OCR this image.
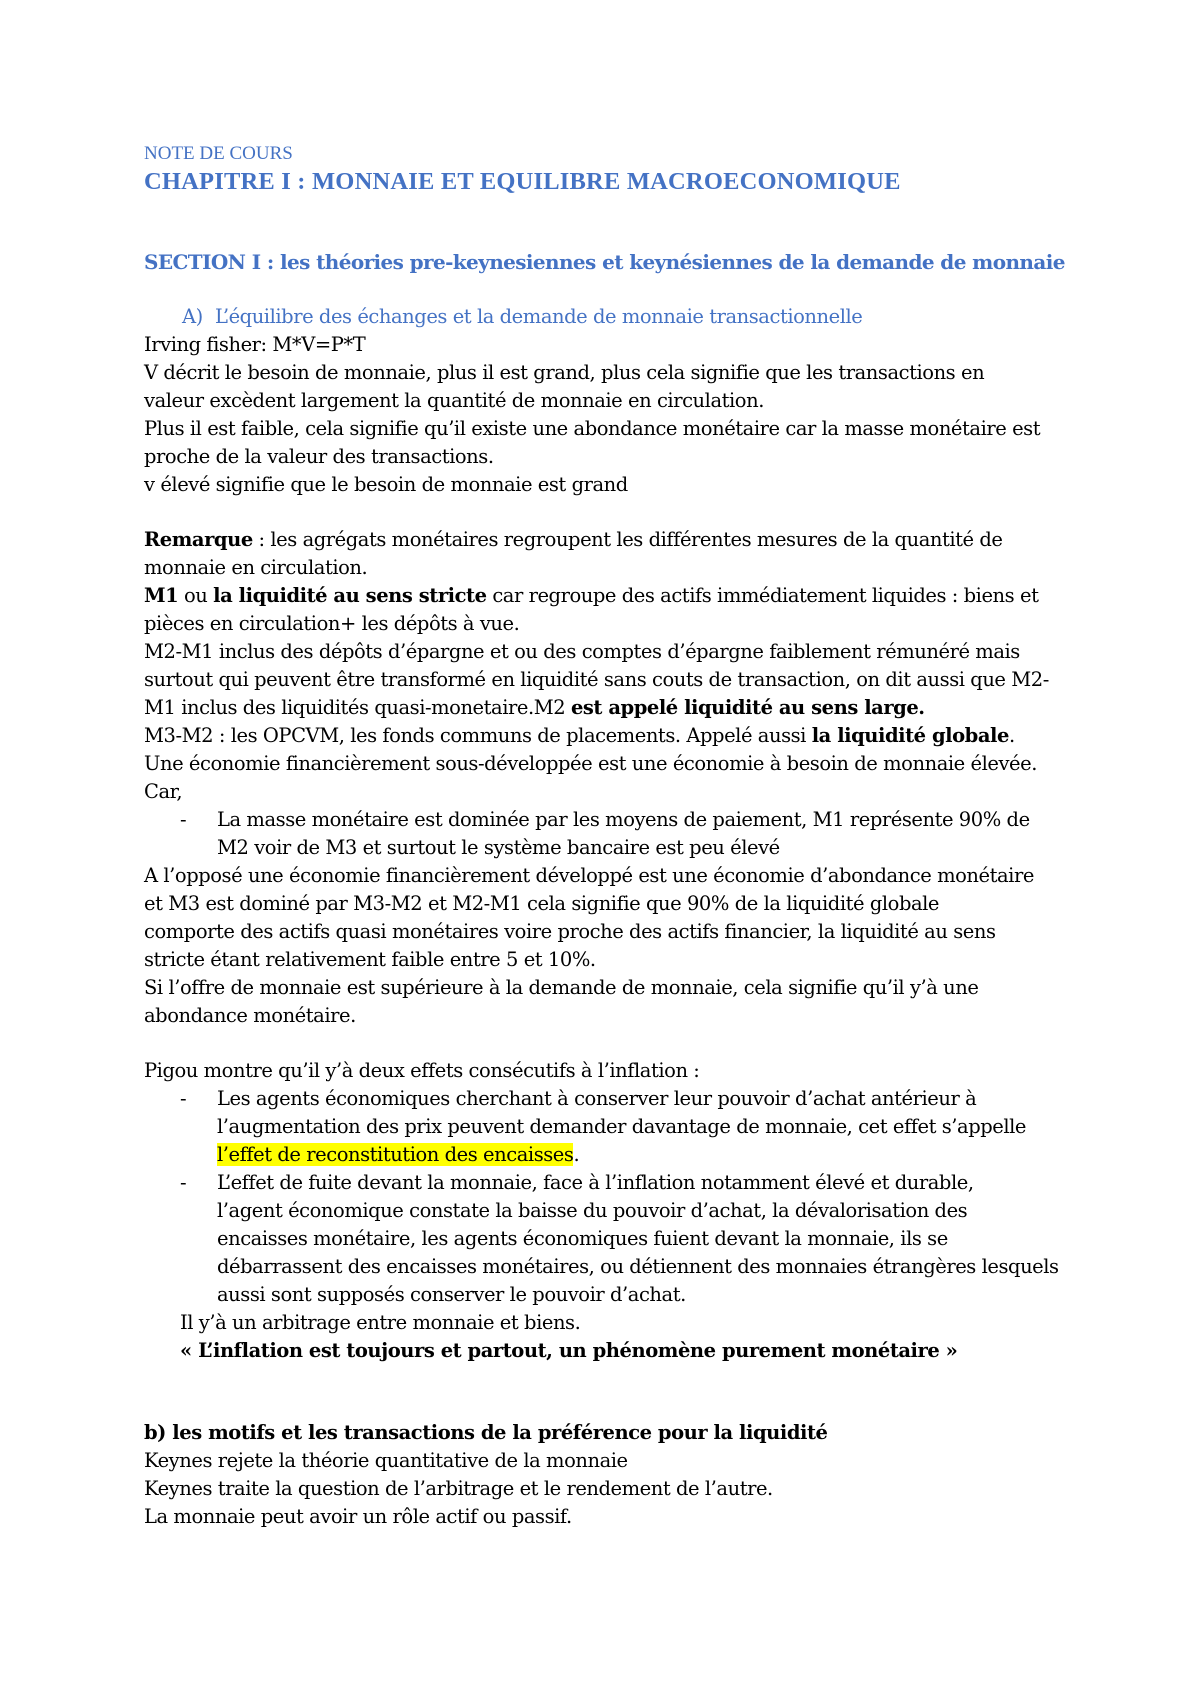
NOTE DE COURS
CHAPITRE I : MONNAIE ET EQUILIBRE MACROECONOMIQUE
SECTION I : les théories pre-keynesiennes et keynésiennes de la demande de monnaie
A) L’équilibre des échanges et la demande de monnaie transactionnelle
Irving fisher: M*V=P*T
V décrit le besoin de monnaie, plus il est grand, plus cela signifie que les transactions en
valeur excèdent largement la quantité de monnaie en circulation.
Plus il est faible, cela signifie qu’il existe une abondance monétaire car la masse monétaire est
proche de la valeur des transactions.
v élevé signifie que le besoin de monnaie est grand
Remarque : les agrégats monétaires regroupent les différentes mesures de la quantité de
monnaie en circulation.
M1 ou la liquidité au sens stricte car regroupe des actifs immédiatement liquides : biens et
pièces en circulation+ les dépôts à vue.
M2-M1 inclus des dépôts d’épargne et ou des comptes d’épargne faiblement rémunéré mais
surtout qui peuvent être transformé en liquidité sans couts de transaction, on dit aussi que M2-
M1 inclus des liquidités quasi-monetaire.M2 est appelé liquidité au sens large.
M3-M2 : les OPCVM, les fonds communs de placements. Appelé aussi la liquidité globale.
Une économie financièrement sous-développée est une économie à besoin de monnaie élevée.
Car,
- La masse monétaire est dominée par les moyens de paiement, M1 représente 90% de
M2 voir de M3 et surtout le système bancaire est peu élevé
A l’opposé une économie financièrement développé est une économie d’abondance monétaire
et M3 est dominé par M3-M2 et M2-M1 cela signifie que 90% de la liquidité globale
comporte des actifs quasi monétaires voire proche des actifs financier, la liquidité au sens
stricte étant relativement faible entre 5 et 10%.
Si l’offre de monnaie est supérieure à la demande de monnaie, cela signifie qu’il y’à une
abondance monétaire.
Pigou montre qu’il y’à deux effets consécutifs à l’inflation :
- Les agents économiques cherchant à conserver leur pouvoir d’achat antérieur à
l’augmentation des prix peuvent demander davantage de monnaie, cet effet s’appelle
l’effet de reconstitution des encaisses.
- L’effet de fuite devant la monnaie, face à l’inflation notamment élevé et durable,
l’agent économique constate la baisse du pouvoir d’achat, la dévalorisation des
encaisses monétaire, les agents économiques fuient devant la monnaie, ils se
débarrassent des encaisses monétaires, ou détiennent des monnaies étrangères lesquels
aussi sont supposés conserver le pouvoir d’achat.
Il y’à un arbitrage entre monnaie et biens.
« L’inflation est toujours et partout, un phénomène purement monétaire »
b) les motifs et les transactions de la préférence pour la liquidité
Keynes rejete la théorie quantitative de la monnaie
Keynes traite la question de l’arbitrage et le rendement de l’autre.
La monnaie peut avoir un rôle actif ou passif.
